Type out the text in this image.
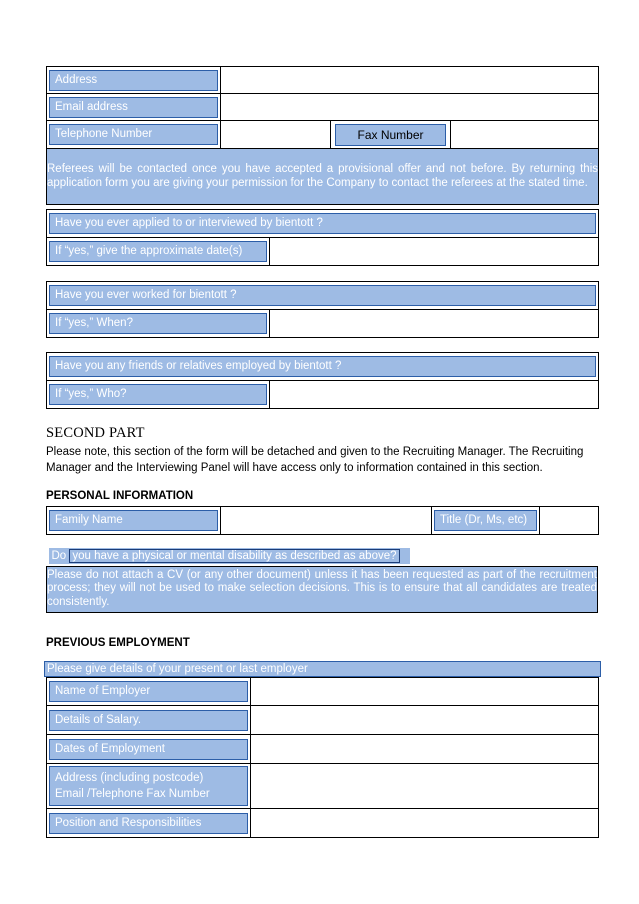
Address			

Email address			

Telephone Number		Fax Number	

Referees will be contacted once you have accepted a provisional offer and not before. By returning this application form you are giving your permission for the Company to contact the referees at the stated time.			
Have you ever applied to or interviewed by bientott ?

If “yes,” give the approximate date(s)

Have you ever worked for bientott ?

If “yes,” When?

Have you any friends or relatives employed by bientott ?

If “yes,” Who?

SECOND PART
Please note, this section of the form will be detached and given to the Recruiting Manager. The Recruiting Manager and the Interviewing Panel will have access only to information contained in this section.
PERSONAL INFORMATION
Family Name		Title (Dr, Ms, etc)

Do you have a physical or mental disability as described as above?

Please do not attach a CV (or any other document) unless it has been requested as part of the recruitment process; they will not be used to make selection decisions. This is to ensure that all candidates are treated consistently.
PREVIOUS EMPLOYMENT
Please give details of your present or last employer
Name of Employer	

Details of Salary.	

Dates of Employment	

Address (including postcode)
Email /Telephone Fax Number	

Position and Responsibilities	
